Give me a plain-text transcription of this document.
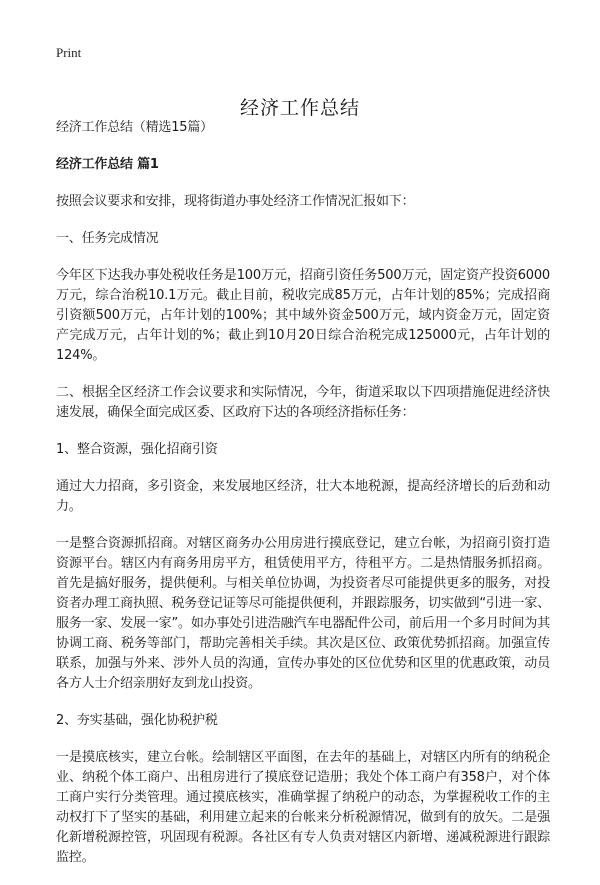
Print
经济工作总结

经济工作总结（精选15篇）

经济工作总结 篇1

按照会议要求和安排，现将街道办事处经济工作情况汇报如下：

一、任务完成情况

今年区下达我办事处税收任务是100万元，招商引资任务500万元，固定资产投资6000万元，综合治税10.1万元。截止目前，税收完成85万元，占年计划的85%；完成招商引资额500万元，占年计划的100%；其中域外资金500万元，域内资金万元，固定资产完成万元，占年计划的%；截止到10月20日综合治税完成125000元，占年计划的124%。

二、根据全区经济工作会议要求和实际情况，今年，街道采取以下四项措施促进经济快速发展，确保全面完成区委、区政府下达的各项经济指标任务：

1、整合资源，强化招商引资

通过大力招商，多引资金，来发展地区经济，壮大本地税源，提高经济增长的后劲和动力。

一是整合资源抓招商。对辖区商务办公用房进行摸底登记，建立台帐，为招商引资打造资源平台。辖区内有商务用房平方，租赁使用平方，待租平方。二是热情服务抓招商。首先是搞好服务，提供便利。与相关单位协调，为投资者尽可能提供更多的服务，对投资者办理工商执照、税务登记证等尽可能提供便利，并跟踪服务，切实做到“引进一家、服务一家、发展一家”。如办事处引进浩融汽车电器配件公司，前后用一个多月时间为其协调工商、税务等部门，帮助完善相关手续。其次是区位、政策优势抓招商。加强宣传联系，加强与外来、涉外人员的沟通，宣传办事处的区位优势和区里的优惠政策，动员各方人士介绍亲朋好友到龙山投资。

2、夯实基础，强化协税护税

一是摸底核实，建立台帐。绘制辖区平面图，在去年的基础上，对辖区内所有的纳税企业、纳税个体工商户、出租房进行了摸底登记造册；我处个体工商户有358户，对个体工商户实行分类管理。通过摸底核实，准确掌握了纳税户的动态，为掌握税收工作的主动权打下了坚实的基础，利用建立起来的台帐来分析税源情况，做到有的放矢。二是强化新增税源控管，巩固现有税源。各社区有专人负责对辖区内新增、递减税源进行跟踪监控。
